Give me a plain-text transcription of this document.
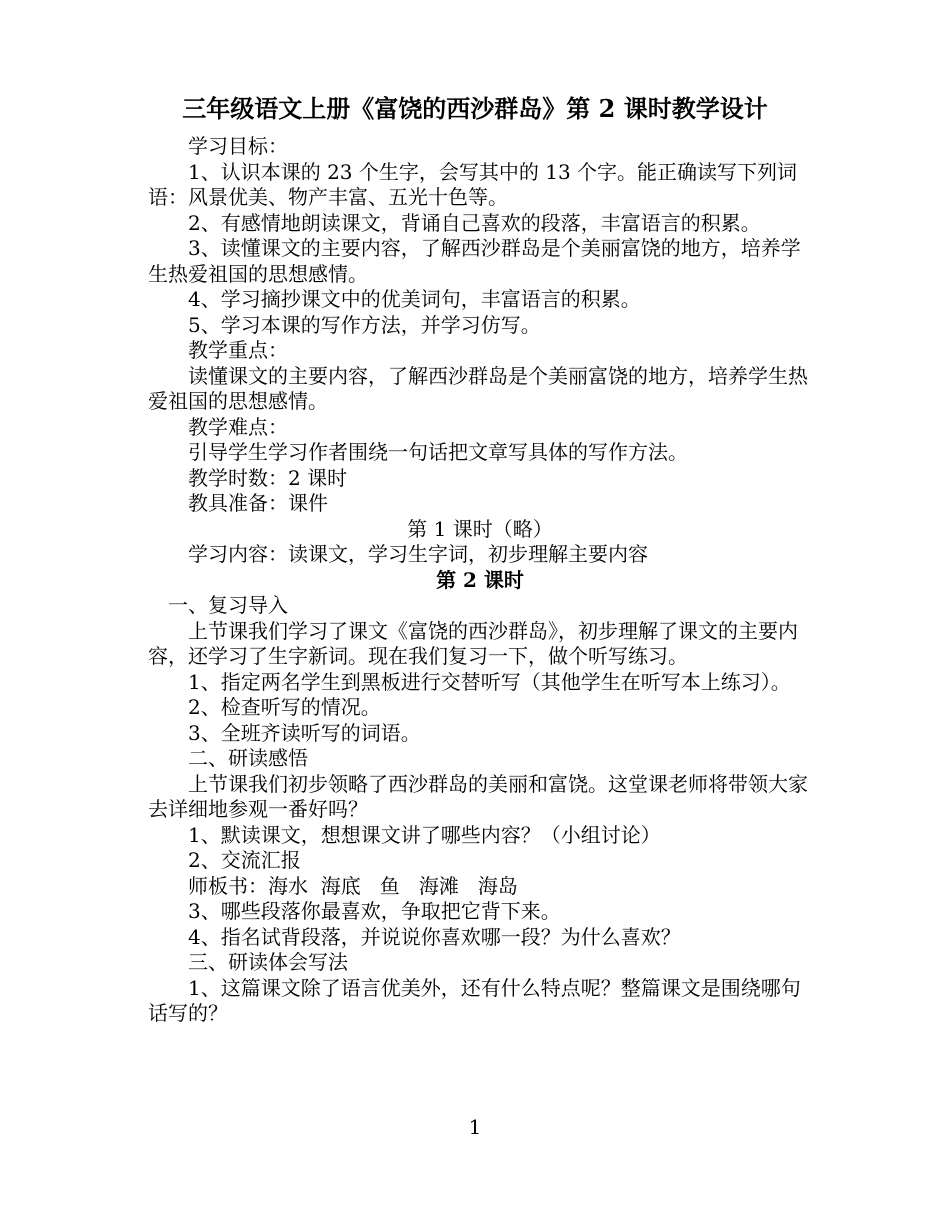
三年级语文上册《富饶的西沙群岛》第 2 课时教学设计

学习目标：

1、认识本课的 23 个生字，会写其中的 13 个字。能正确读写下列词语：风景优美、物产丰富、五光十色等。

2、有感情地朗读课文，背诵自己喜欢的段落，丰富语言的积累。

3、读懂课文的主要内容，了解西沙群岛是个美丽富饶的地方，培养学生热爱祖国的思想感情。

4、学习摘抄课文中的优美词句，丰富语言的积累。

5、学习本课的写作方法，并学习仿写。

教学重点：

读懂课文的主要内容，了解西沙群岛是个美丽富饶的地方，培养学生热爱祖国的思想感情。

教学难点：

引导学生学习作者围绕一句话把文章写具体的写作方法。

教学时数：2 课时

教具准备：课件

第 1 课时（略）

学习内容：读课文，学习生字词，初步理解主要内容

第 2 课时

一、复习导入

上节课我们学习了课文《富饶的西沙群岛》，初步理解了课文的主要内容，还学习了生字新词。现在我们复习一下，做个听写练习。

1、指定两名学生到黑板进行交替听写（其他学生在听写本上练习）。

2、检查听写的情况。

3、全班齐读听写的词语。

二、研读感悟

上节课我们初步领略了西沙群岛的美丽和富饶。这堂课老师将带领大家去详细地参观一番好吗？

1、默读课文，想想课文讲了哪些内容？（小组讨论）

2、交流汇报

师板书：海水  海底   鱼   海滩   海岛

3、哪些段落你最喜欢，争取把它背下来。

4、指名试背段落，并说说你喜欢哪一段？为什么喜欢？

三、研读体会写法

1、这篇课文除了语言优美外，还有什么特点呢？整篇课文是围绕哪句话写的？

1
